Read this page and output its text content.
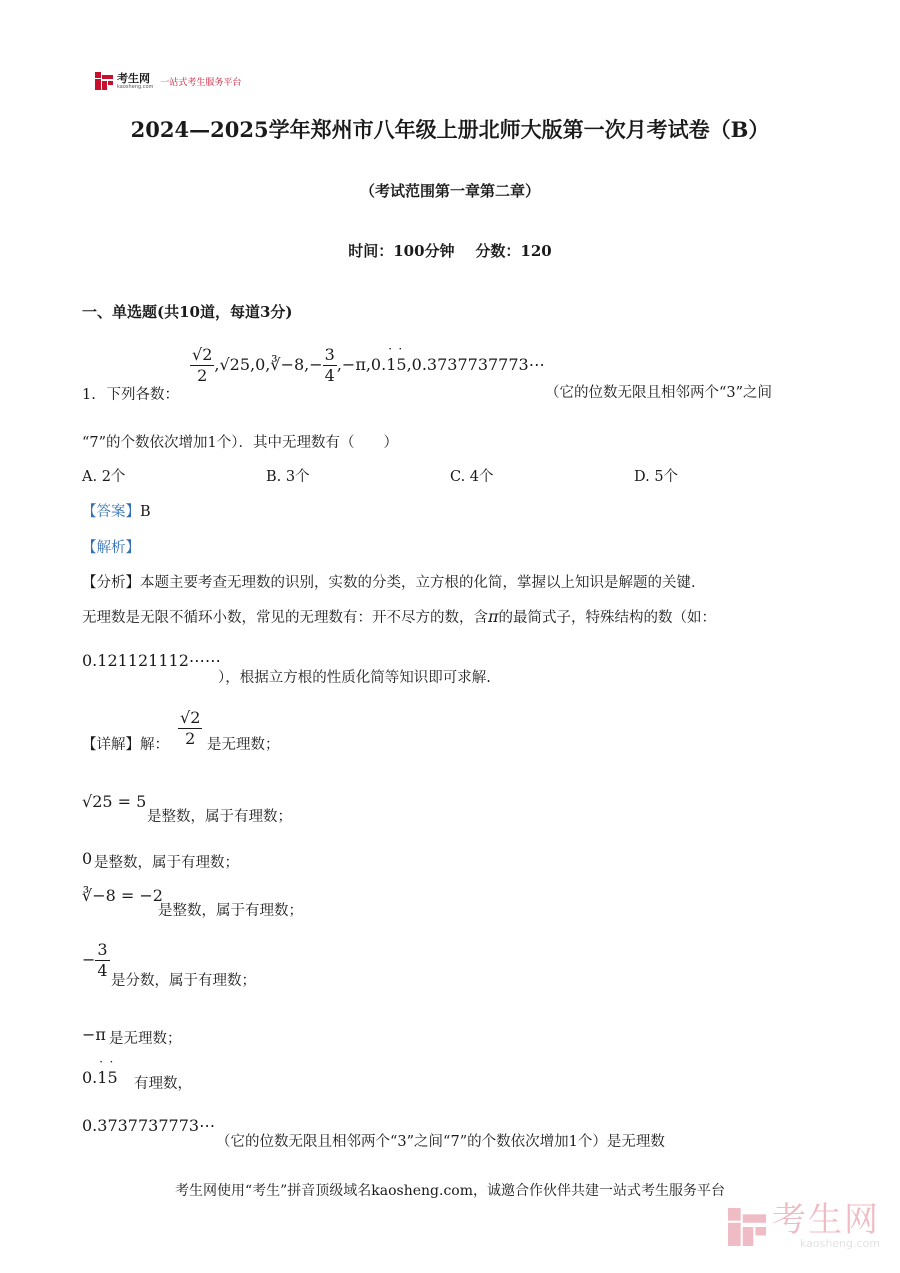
考生网
kaosheng.com 一站式考生服务平台
2024—2025学年郑州市八年级上册北师大版第一次月考试卷（B）
（考试范围第一章第二章）
时间：100分钟    分数：120
一、单选题(共10道，每道3分)
1. 下列各数：
$\frac{√2}{2}$ ,√25,0,∛−8,− $\frac{3}{4} ,-\pi,0.\cdot 1\cdot$ 5,0.3737737773⋯
（它的位数无限且相邻两个“3”之间
“7”的个数依次增加1个）．其中无理数有（　　）
A. 2个	B. 3个	C. 4个	D. 5个
【答案】B
【解析】
【分析】本题主要考查无理数的识别，实数的分类，立方根的化简，掌握以上知识是解题的关键.
无理数是无限不循环小数，常见的无理数有：开不尽方的数，含π的最简式子，特殊结构的数（如：
0.121121112⋯⋯
），根据立方根的性质化简等知识即可求解.
【详解】解： $\frac{√2}{2}$ 是无理数；
√25 = 5
是整数，属于有理数；
0 是整数，属于有理数；
∛−8 = −2
是整数，属于有理数；
− $\frac{3}{4}$ 是分数，属于有理数；
−π 是无理数；
0.· 1· 5 有理数，
0.3737737773⋯
（它的位数无限且相邻两个“3”之间“7”的个数依次增加1个）是无理数
考生网使用“考生”拼音顶级域名kaosheng.com，诚邀合作伙伴共建一站式考生服务平台
考生网
kaosheng.com
